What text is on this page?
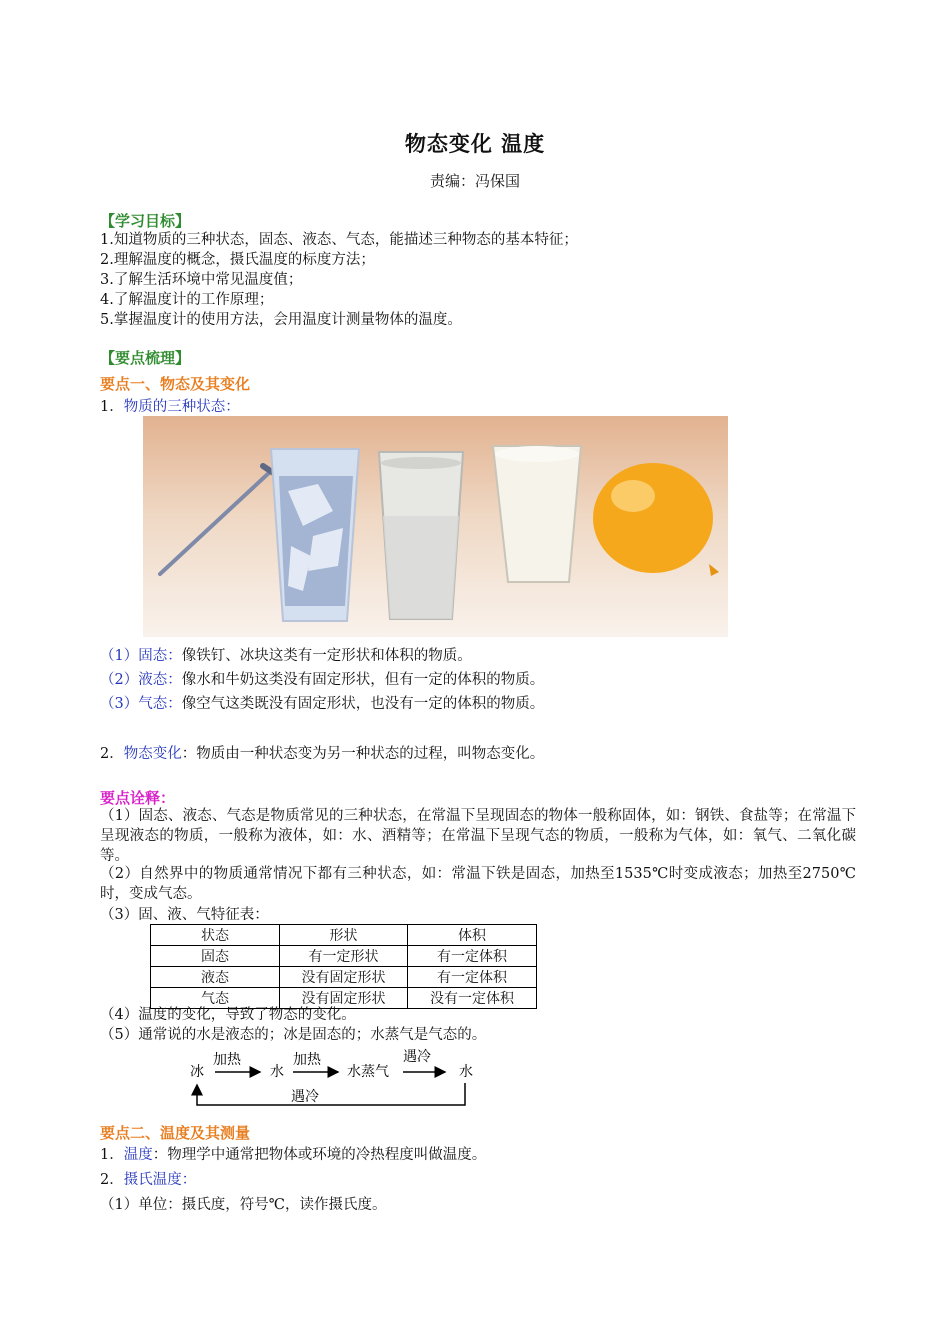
物态变化 温度
责编：冯保国
【学习目标】
1.知道物质的三种状态，固态、液态、气态，能描述三种物态的基本特征；
2.理解温度的概念，摄氏温度的标度方法；
3.了解生活环境中常见温度值；
4.了解温度计的工作原理；
5.掌握温度计的使用方法，会用温度计测量物体的温度。
【要点梳理】
要点一、物态及其变化
1．物质的三种状态：
（1）固态：像铁钉、冰块这类有一定形状和体积的物质。
（2）液态：像水和牛奶这类没有固定形状，但有一定的体积的物质。
（3）气态：像空气这类既没有固定形状，也没有一定的体积的物质。
2．物态变化：物质由一种状态变为另一种状态的过程，叫物态变化。
要点诠释：
（1）固态、液态、气态是物质常见的三种状态，在常温下呈现固态的物体一般称固体，如：钢铁、食盐等；在常温下呈现液态的物质，一般称为液体，如：水、酒精等；在常温下呈现气态的物质，一般称为气体，如：氧气、二氧化碳等。
（2）自然界中的物质通常情况下都有三种状态，如：常温下铁是固态，加热至1535℃时变成液态；加热至2750℃时，变成气态。
（3）固、液、气特征表：
状态	形状	体积
固态	有一定形状	有一定体积
液态	没有固定形状	有一定体积
气态	没有固定形状	没有一定体积
（4）温度的变化，导致了物态的变化。
（5）通常说的水是液态的；冰是固态的；水蒸气是气态的。
冰
加热
水
加热
水蒸气
遇冷
水
遇冷
要点二、温度及其测量
1．温度：物理学中通常把物体或环境的冷热程度叫做温度。
2．摄氏温度：
（1）单位：摄氏度，符号℃，读作摄氏度。
